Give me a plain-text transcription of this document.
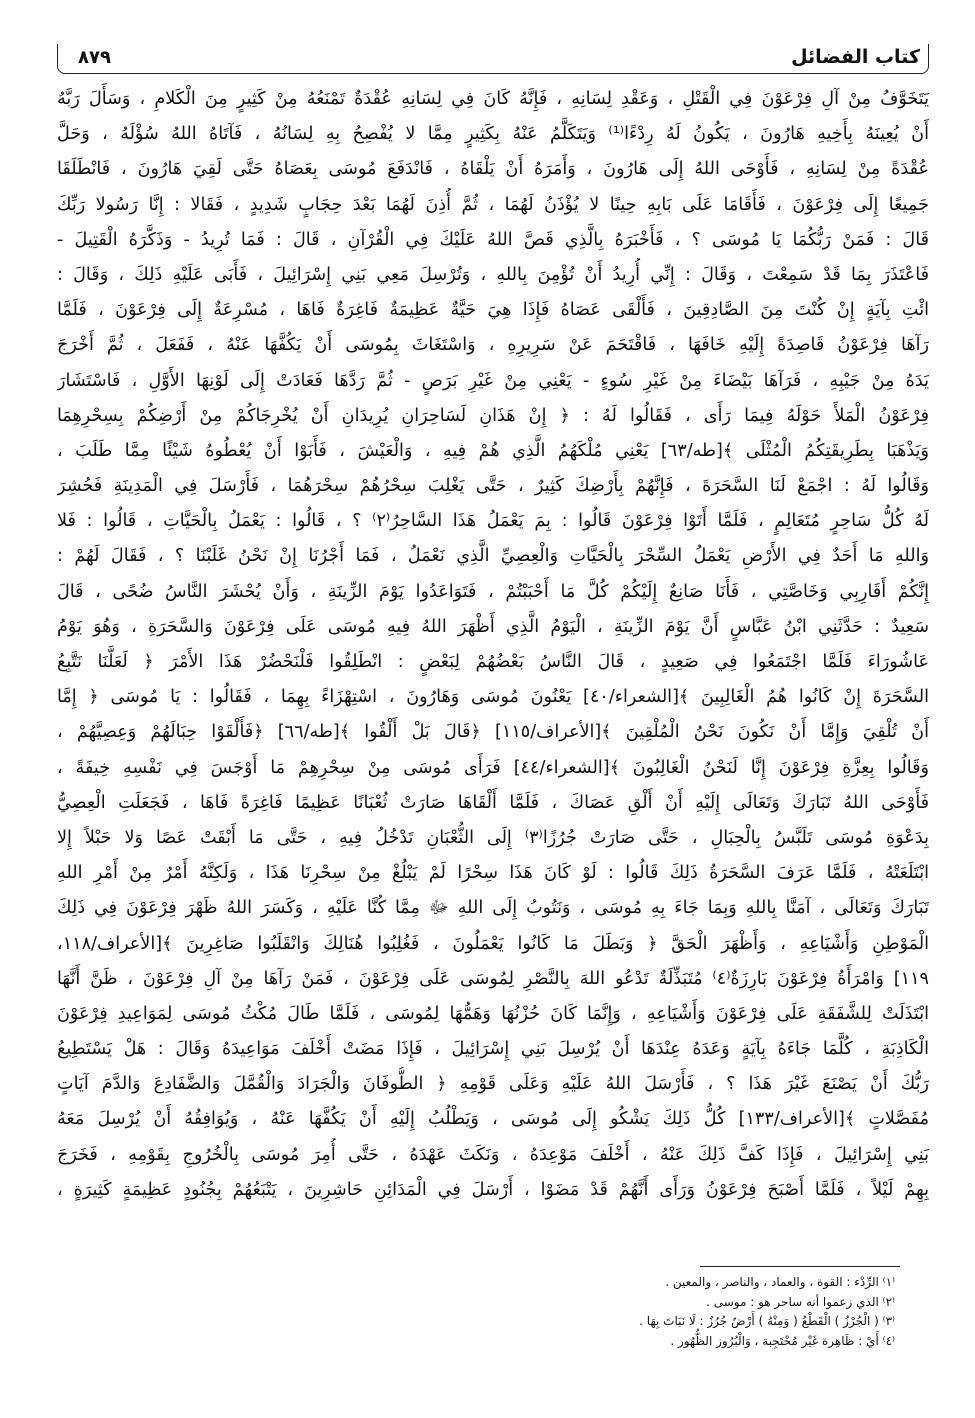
كتاب الفضائل
٨٧٩
يَتَخَوَّفُ مِنْ آلِ فِرْعَوْنَ فِي الْقَتْلِ ، وَعَقْدِ لِسَانِهِ ، فَإِنَّهُ كَانَ فِي لِسَانِهِ عُقْدَةٌ تَمْنَعُهُ مِنْ كَثِيرٍ مِنَ الْكَلامِ ، وَسَأَلَ رَبَّهُ
أَنْ يُعِينَهُ بِأَخِيهِ هَارُونَ ، يَكُونُ لَهُ رِدْءًا⁽¹⁾ وَيَتَكَلَّمُ عَنْهُ بِكَثِيرٍ مِمَّا لا يُفْصِحُ بِهِ لِسَانُهُ ، فَآتَاهُ اللهُ سُؤْلَهُ ، وَحَلَّ
عُقْدَةً مِنْ لِسَانِهِ ، فَأَوْحَى اللهُ إِلَى هَارُونَ ، وَأَمَرَهُ أَنْ يَلْقَاهُ ، فَانْدَفَعَ مُوسَى بِعَصَاهُ حَتَّى لَقِيَ هَارُونَ ، فَانْطَلَقَا
جَمِيعًا إِلَى فِرْعَوْنَ ، فَأَقَامَا عَلَى بَابِهِ حِينًا لا يُؤْذَنُ لَهُمَا ، ثُمَّ أُذِنَ لَهُمَا بَعْدَ حِجَابٍ شَدِيدٍ ، فَقَالا : إِنَّا رَسُولا رَبِّكَ
قَالَ : فَمَنْ رَبُّكُمَا يَا مُوسَى ؟ ، فَأَخْبَرَهُ بِالَّذِي قَصَّ اللهُ عَلَيْكَ فِي الْقُرْآنِ ، قَالَ : فَمَا تُرِيدُ - وَذَكَّرَهُ الْقَتِيلَ -
فَاعْتَذَرَ بِمَا قَدْ سَمِعْتَ ، وَقَالَ : إِنِّي أُرِيدُ أَنْ تُؤْمِنَ بِاللهِ ، وَتُرْسِلَ مَعِي بَنِي إِسْرَائِيلَ ، فَأَبَى عَلَيْهِ ذَلِكَ ، وَقَالَ :
ائْتِ بِآيَةٍ إِنْ كُنْتَ مِنَ الصَّادِقِينَ ، فَأَلْقَى عَصَاهُ فَإِذَا هِيَ حَيَّةٌ عَظِيمَةٌ فَاغِرَةٌ فَاهَا ، مُسْرِعَةٌ إِلَى فِرْعَوْنَ ، فَلَمَّا
رَآهَا فِرْعَوْنُ قَاصِدَةً إِلَيْهِ خَافَهَا ، فَاقْتَحَمَ عَنْ سَرِيرِهِ ، وَاسْتَغَاثَ بِمُوسَى أَنْ يَكُفَّهَا عَنْهُ ، فَفَعَلَ ، ثُمَّ أَخْرَجَ
يَدَهُ مِنْ جَيْبِهِ ، فَرَآهَا بَيْضَاءَ مِنْ غَيْرِ سُوءٍ - يَعْنِي مِنْ غَيْرِ بَرَصٍ - ثُمَّ رَدَّهَا فَعَادَتْ إِلَى لَوْنِهَا الأَوَّلِ ، فَاسْتَشَارَ
فِرْعَوْنُ الْمَلأَ حَوْلَهُ فِيمَا رَأَى ، فَقَالُوا لَهُ : ﴿ إِنْ هَذَانِ لَسَاحِرَانِ يُرِيدَانِ أَنْ يُخْرِجَاكُمْ مِنْ أَرْضِكُمْ بِسِحْرِهِمَا
وَيَذْهَبَا بِطَرِيقَتِكُمُ الْمُثْلَى ﴾[طه/٦٣] يَعْنِي مُلْكَهُمُ الَّذِي هُمْ فِيهِ ، وَالْعَيْشَ ، فَأَبَوْا أَنْ يُعْطُوهُ شَيْئًا مِمَّا طَلَبَ ،
وَقَالُوا لَهُ : اجْمَعْ لَنَا السَّحَرَةَ ، فَإِنَّهُمْ بِأَرْضِكَ كَثِيرٌ ، حَتَّى يَغْلِبَ سِحْرُهُمْ سِحْرَهُمَا ، فَأَرْسَلَ فِي الْمَدِينَةِ فَحُشِرَ
لَهُ كُلُّ سَاحِرٍ مُتَعَالِمٍ ، فَلَمَّا أَتَوْا فِرْعَوْنَ قَالُوا : بِمَ يَعْمَلُ هَذَا السَّاحِرُ⁽٢⁾ ؟ ، قَالُوا : يَعْمَلُ بِالْحَيَّاتِ ، قَالُوا : فَلا
وَاللهِ مَا أَحَدٌ فِي الأَرْضِ يَعْمَلُ السِّحْرَ بِالْحَيَّاتِ وَالْعِصِيِّ الَّذِي نَعْمَلُ ، فَمَا أَجْرُنَا إِنْ نَحْنُ غَلَبْنَا ؟ ، فَقَالَ لَهُمْ :
إِنَّكُمْ أَقَارِبِي وَخَاصَّتِي ، فَأَنَا صَانِعٌ إِلَيْكُمْ كُلَّ مَا أَحْبَبْتُمْ ، فَتَوَاعَدُوا يَوْمَ الزِّينَةِ ، وَأَنْ يُحْشَرَ النَّاسُ ضُحًى ، قَالَ
سَعِيدٌ : حَدَّثَنِي ابْنُ عَبَّاسٍ أَنَّ يَوْمَ الزِّينَةِ ، الْيَوْمُ الَّذِي أَظْهَرَ اللهُ فِيهِ مُوسَى عَلَى فِرْعَوْنَ وَالسَّحَرَةِ ، وَهُوَ يَوْمُ
عَاشُورَاءَ فَلَمَّا اجْتَمَعُوا فِي صَعِيدٍ ، قَالَ النَّاسُ بَعْضُهُمْ لِبَعْضٍ : انْطَلِقُوا فَلْنَحْضُرْ هَذَا الأَمْرَ ﴿ لَعَلَّنَا نَتَّبِعُ
السَّحَرَةَ إِنْ كَانُوا هُمُ الْغَالِبِينَ ﴾[الشعراء/٤٠] يَعْنُونَ مُوسَى وَهَارُونَ ، اسْتِهْزَاءً بِهِمَا ، فَقَالُوا : يَا مُوسَى ﴿ إِمَّا
أَنْ تُلْقِيَ وَإِمَّا أَنْ نَكُونَ نَحْنُ الْمُلْقِينَ ﴾[الأعراف/١١٥] ﴿قَالَ بَلْ أَلْقُوا ﴾[طه/٦٦] ﴿فَأَلْقَوْا حِبَالَهُمْ وَعِصِيَّهُمْ ،
وَقَالُوا بِعِزَّةِ فِرْعَوْنَ إِنَّا لَنَحْنُ الْغَالِبُونَ ﴾[الشعراء/٤٤] فَرَأَى مُوسَى مِنْ سِحْرِهِمْ مَا أَوْجَسَ فِي نَفْسِهِ خِيفَةً ،
فَأَوْحَى اللهُ تَبَارَكَ وَتَعَالَى إِلَيْهِ أَنْ أَلْقِ عَصَاكَ ، فَلَمَّا أَلْقَاهَا صَارَتْ ثُعْبَانًا عَظِيمًا فَاغِرَةً فَاهَا ، فَجَعَلَتِ الْعِصِيُّ
بِدَعْوَةِ مُوسَى تَلَبَّسُ بِالْحِبَالِ ، حَتَّى صَارَتْ جُرُزًا⁽٣⁾ إِلَى الثُّعْبَانِ تَدْخُلُ فِيهِ ، حَتَّى مَا أَبْقَتْ عَصًا وَلا حَبْلاً إِلا
ابْتَلَعَتْهُ ، فَلَمَّا عَرَفَ السَّحَرَةُ ذَلِكَ قَالُوا : لَوْ كَانَ هَذَا سِحْرًا لَمْ يَبْلُغْ مِنْ سِحْرِنَا هَذَا ، وَلَكِنَّهُ أَمْرٌ مِنْ أَمْرِ اللهِ
تَبَارَكَ وَتَعَالَى ، آمَنَّا بِاللهِ وَبِمَا جَاءَ بِهِ مُوسَى ، وَنَتُوبُ إِلَى اللهِ ﷻ مِمَّا كُنَّا عَلَيْهِ ، وَكَسَرَ اللهُ ظَهْرَ فِرْعَوْنَ فِي ذَلِكَ
الْمَوْطِنِ وَأَشْيَاعِهِ ، وَأَظْهَرَ الْحَقَّ ﴿ وَبَطَلَ مَا كَانُوا يَعْمَلُونَ ، فَغُلِبُوا هُنَالِكَ وَانْقَلَبُوا صَاغِرِينَ ﴾[الأعراف/١١٨،
١١٩] وَامْرَأَةُ فِرْعَوْنَ بَارِزَةٌ⁽٤⁾ مُتَبَذِّلَةٌ تَدْعُو اللهَ بِالنَّصْرِ لِمُوسَى عَلَى فِرْعَوْنَ ، فَمَنْ رَآهَا مِنْ آلِ فِرْعَوْنَ ، ظَنَّ أَنَّهَا
ابْتَذَلَتْ لِلشَّفَقَةِ عَلَى فِرْعَوْنَ وَأَشْيَاعِهِ ، وَإِنَّمَا كَانَ حُزْنُهَا وَهَمُّهَا لِمُوسَى ، فَلَمَّا طَالَ مُكْثُ مُوسَى لِمَوَاعِيدِ فِرْعَوْنَ
الْكَاذِبَةِ ، كُلَّمَا جَاءَهُ بِآيَةٍ وَعَدَهُ عِنْدَهَا أَنْ يُرْسِلَ بَنِي إِسْرَائِيلَ ، فَإِذَا مَضَتْ أَخْلَفَ مَوَاعِيدَهُ وَقَالَ : هَلْ يَسْتَطِيعُ
رَبُّكَ أَنْ يَصْنَعَ غَيْرَ هَذَا ؟ ، فَأَرْسَلَ اللهُ عَلَيْهِ وَعَلَى قَوْمِهِ ﴿ الطُّوفَانَ وَالْجَرَادَ وَالْقُمَّلَ وَالضَّفَادِعَ وَالدَّمَ آيَاتٍ
مُفَصَّلاتٍ ﴾[الأعراف/١٣٣] كُلُّ ذَلِكَ يَشْكُو إِلَى مُوسَى ، وَيَطْلُبُ إِلَيْهِ أَنْ يَكُفَّهَا عَنْهُ ، وَيُوَافِقُهُ أَنْ يُرْسِلَ مَعَهُ
بَنِي إِسْرَائِيلَ ، فَإِذَا كَفَّ ذَلِكَ عَنْهُ ، أَخْلَفَ مَوْعِدَهُ ، وَنَكَثَ عَهْدَهُ ، حَتَّى أُمِرَ مُوسَى بِالْخُرُوجِ بِقَوْمِهِ ، فَخَرَجَ
بِهِمْ لَيْلاً ، فَلَمَّا أَصْبَحَ فِرْعَوْنُ وَرَأَى أَنَّهُمْ قَدْ مَضَوْا ، أَرْسَلَ فِي الْمَدَائِنِ حَاشِرِينَ ، يَتْبَعُهُمْ بِجُنُودٍ عَظِيمَةٍ كَثِيرَةٍ ،
⁽١⁾ الرِّدْء : القوة ، والعماد ، والناصر ، والمعين .
⁽٢⁾ الذي زعموا أنه ساحر هو : موسى .
⁽٣⁾ ( الْجُرْزُ ) الْقَطْعُ ( وَمِنْهُ ) أَرْضٌ جُرُزٌ : لَا نَبَاتَ بِهَا .
⁽٤⁾ أَيْ : ظَاهِرة غَيْر مُحْتَجِبة ، وَالْبُرُوز الظُّهُور .
